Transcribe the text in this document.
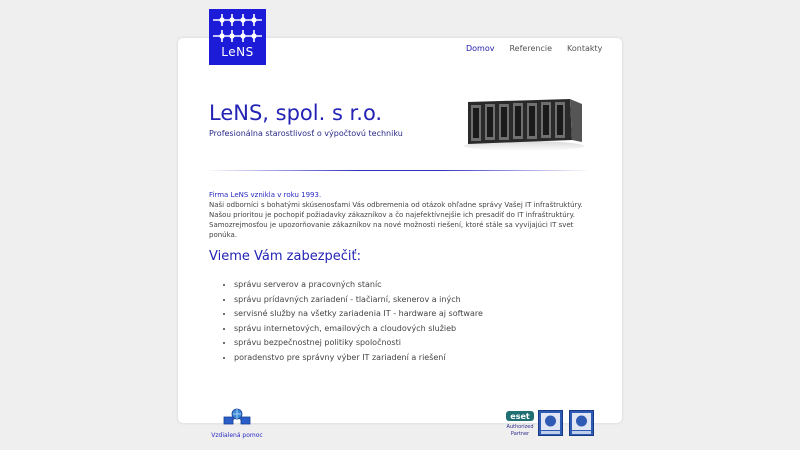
LeNS	Domov Referencie Kontakty
LeNS, spol. s r.o.

Profesionálna starostlivosť o výpočtovú techniku

Firma LeNS vznikla v roku 1993.
Naši odborníci s bohatými skúsenosťami Vás odbremenia od otázok ohľadne správy Vašej IT infraštruktúry. Našou prioritou je pochopiť požiadavky zákazníkov a čo najefektívnejšie ich presadiť do IT infraštruktúry.
Samozrejmosťou je upozorňovanie zákazníkov na nové možnosti riešení, ktoré stále sa vyvíjajúci IT svet ponúka.
Vieme Vám zabezpečiť:
• správu serverov a pracovných staníc
• správu prídavných zariadení - tlačiarní, skenerov a iných
• servisné služby na všetky zariadenia IT - hardware aj software
• správu internetových, emailových a cloudových služieb
• správu bezpečnostnej politiky spoločnosti
• poradenstvo pre správny výber IT zariadení a riešení
Vzdialená pomoc
eset
Authorized
Partner
